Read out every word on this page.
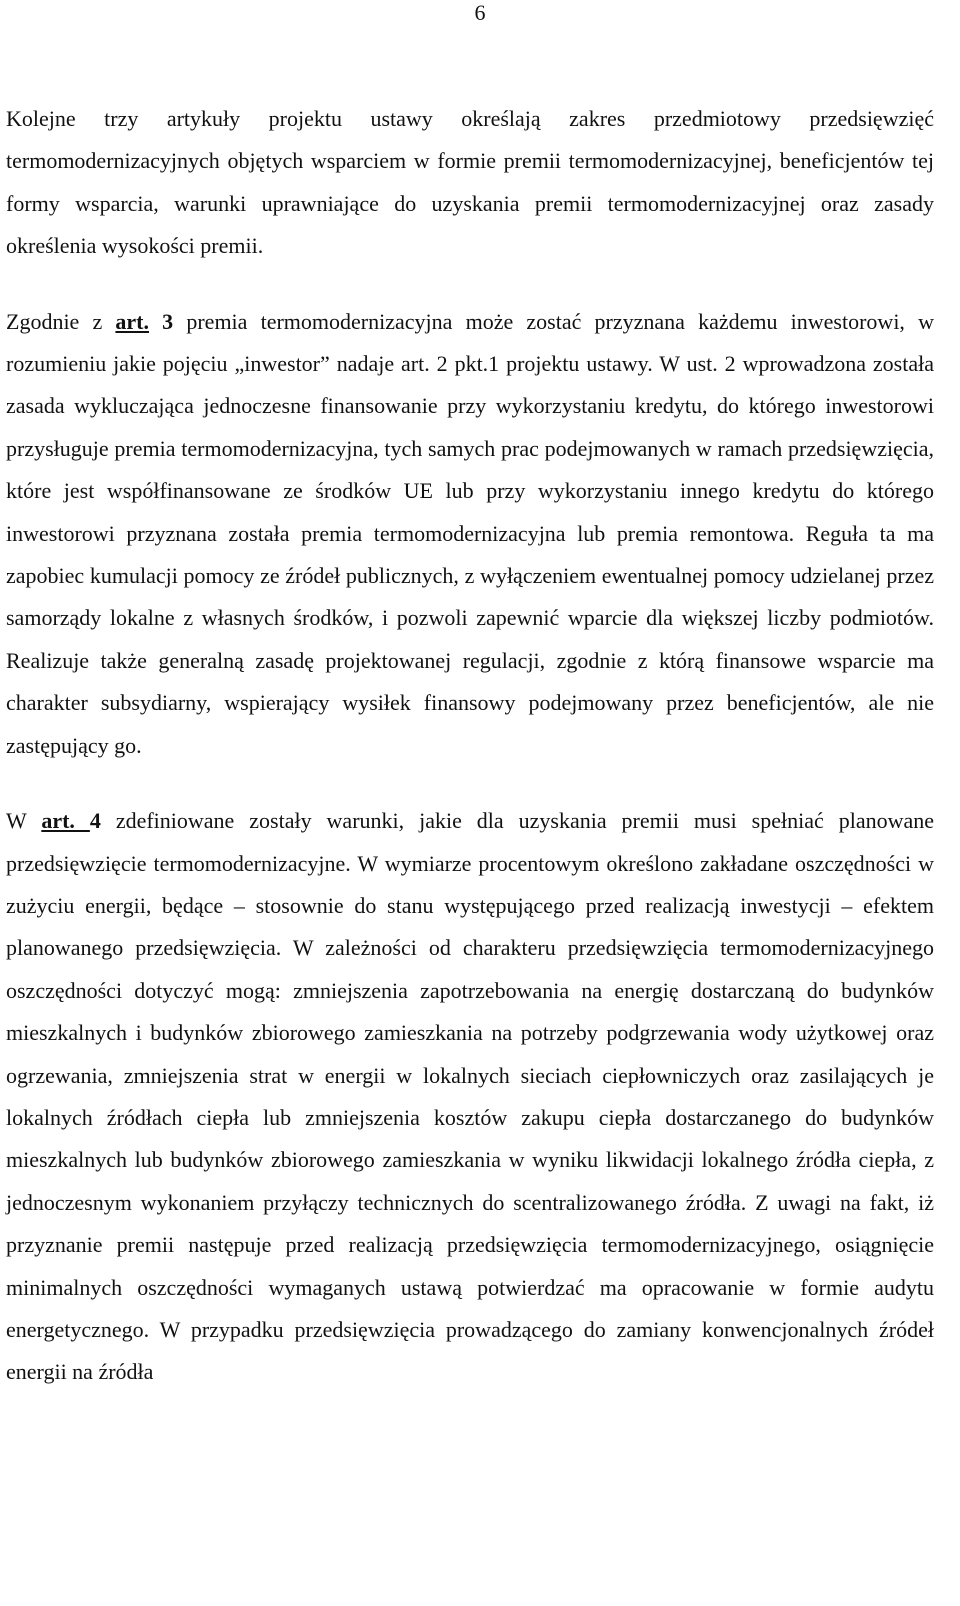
6

Kolejne trzy artykuły projektu ustawy określają zakres przedmiotowy przedsięwzięć termomodernizacyjnych objętych wsparciem w formie premii termomodernizacyjnej, beneficjentów tej formy wsparcia, warunki uprawniające do uzyskania premii termomodernizacyjnej oraz zasady określenia wysokości premii.

Zgodnie z art. 3 premia termomodernizacyjna może zostać przyznana każdemu inwestorowi, w rozumieniu jakie pojęciu „inwestor” nadaje art. 2 pkt.1 projektu ustawy. W ust. 2 wprowadzona została zasada wykluczająca jednoczesne finansowanie przy wykorzystaniu kredytu, do którego inwestorowi przysługuje premia termomodernizacyjna, tych samych prac podejmowanych w ramach przedsięwzięcia, które jest współfinansowane ze środków UE lub przy wykorzystaniu innego kredytu do którego inwestorowi przyznana została premia termomodernizacyjna lub premia remontowa. Reguła ta ma zapobiec kumulacji pomocy ze źródeł publicznych, z wyłączeniem ewentualnej pomocy udzielanej przez samorządy lokalne z własnych środków, i pozwoli zapewnić wparcie dla większej liczby podmiotów. Realizuje także generalną zasadę projektowanej regulacji, zgodnie z którą finansowe wsparcie ma charakter subsydiarny, wspierający wysiłek finansowy podejmowany przez beneficjentów, ale nie zastępujący go.

W art. 4 zdefiniowane zostały warunki, jakie dla uzyskania premii musi spełniać planowane przedsięwzięcie termomodernizacyjne. W wymiarze procentowym określono zakładane oszczędności w zużyciu energii, będące – stosownie do stanu występującego przed realizacją inwestycji – efektem planowanego przedsięwzięcia. W zależności od charakteru przedsięwzięcia termomodernizacyjnego oszczędności dotyczyć mogą: zmniejszenia zapotrzebowania na energię dostarczaną do budynków mieszkalnych i budynków zbiorowego zamieszkania na potrzeby podgrzewania wody użytkowej oraz ogrzewania, zmniejszenia strat w energii w lokalnych sieciach ciepłowniczych oraz zasilających je lokalnych źródłach ciepła lub zmniejszenia kosztów zakupu ciepła dostarczanego do budynków mieszkalnych lub budynków zbiorowego zamieszkania w wyniku likwidacji lokalnego źródła ciepła, z jednoczesnym wykonaniem przyłączy technicznych do scentralizowanego źródła. Z uwagi na fakt, iż przyznanie premii następuje przed realizacją przedsięwzięcia termomodernizacyjnego, osiągnięcie minimalnych oszczędności wymaganych ustawą potwierdzać ma opracowanie w formie audytu energetycznego. W przypadku przedsięwzięcia prowadzącego do zamiany konwencjonalnych źródeł energii na źródła
